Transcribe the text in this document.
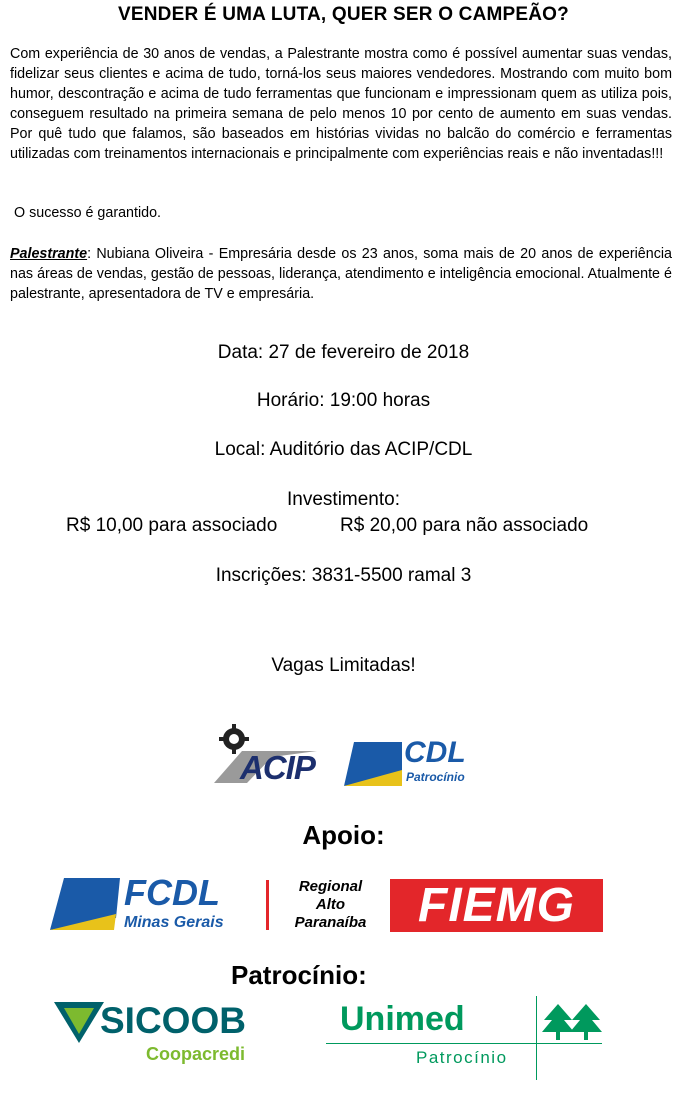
VENDER É UMA LUTA, QUER SER O CAMPEÃO?
Com experiência de 30 anos de vendas, a Palestrante mostra como é possível aumentar suas vendas, fidelizar seus clientes e acima de tudo, torná-los seus maiores vendedores. Mostrando com muito bom humor, descontração e acima de tudo ferramentas que funcionam e impressionam quem as utiliza pois, conseguem resultado na primeira semana de pelo menos 10 por cento de aumento em suas vendas. Por quê tudo que falamos, são baseados em histórias vividas no balcão do comércio e ferramentas utilizadas com treinamentos internacionais e principalmente com experiências reais e não inventadas!!!
O sucesso é garantido.
Palestrante: Nubiana Oliveira - Empresária desde os 23 anos, soma mais de 20 anos de experiência nas áreas de vendas, gestão de pessoas, liderança, atendimento e inteligência emocional. Atualmente é palestrante, apresentadora de TV e empresária.
Data: 27 de fevereiro de 2018
Horário: 19:00 horas
Local: Auditório das ACIP/CDL
Investimento:
R$ 10,00 para associado	R$ 20,00 para não associado
Inscrições: 3831-5500 ramal 3
Vagas Limitadas!
ACIP	CDL
Patrocínio
Apoio:
FCDL
Minas Gerais
Regional
Alto
Paranaíba	FIEMG
Patrocínio:
SICOOB
Coopacredi
Unimed
Patrocínio
